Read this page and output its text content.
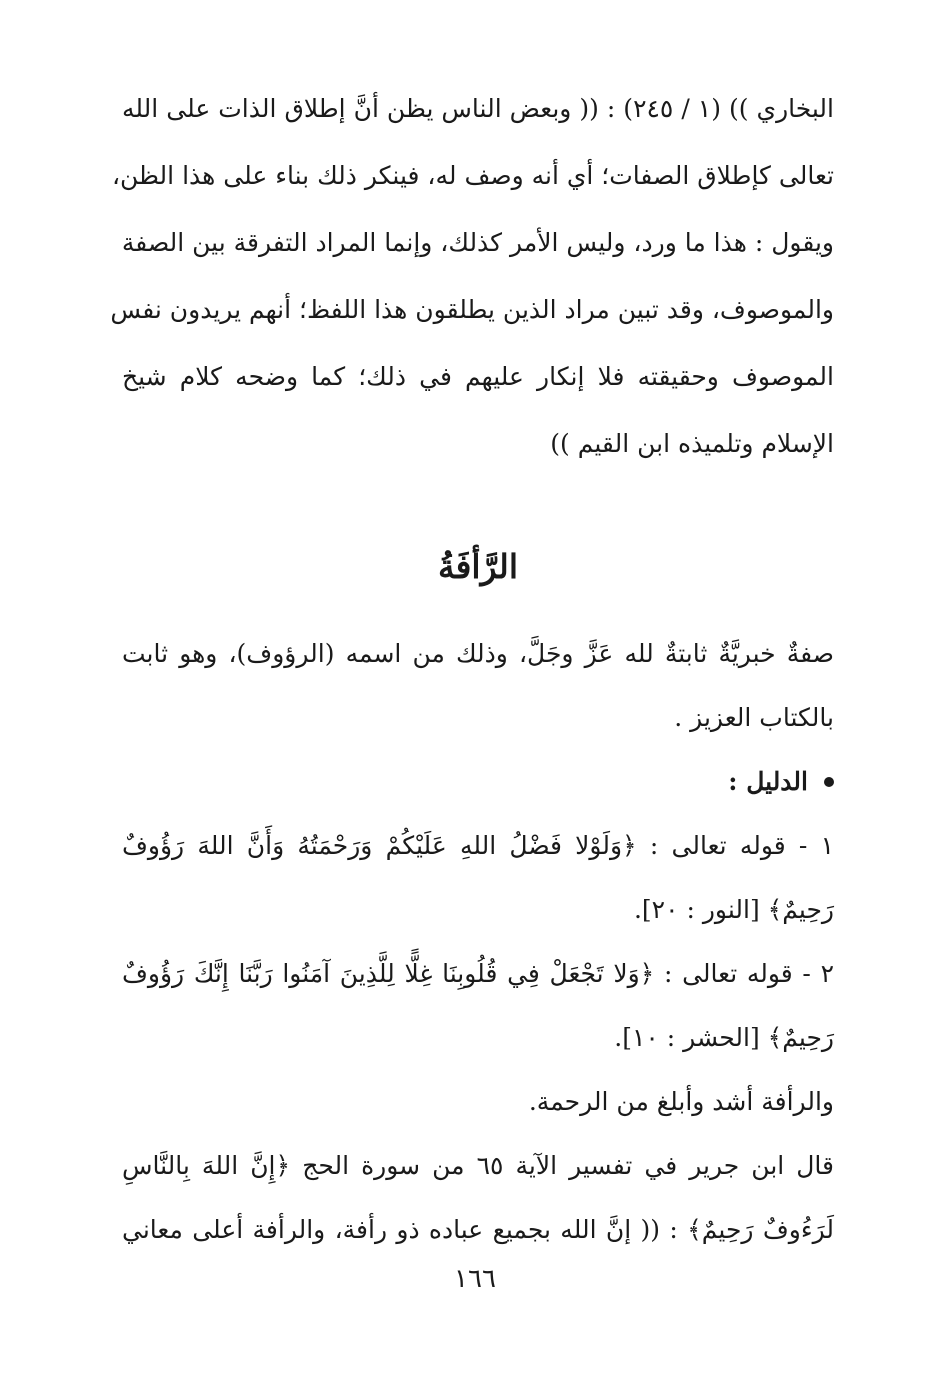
البخاري )) (١ / ٢٤٥) : (( وبعض الناس يظن أنَّ إطلاق الذات على الله

تعالى كإطلاق الصفات؛ أي أنه وصف له، فينكر ذلك بناء على هذا الظن،

ويقول : هذا ما ورد، وليس الأمر كذلك، وإنما المراد التفرقة بين الصفة

والموصوف، وقد تبين مراد الذين يطلقون هذا اللفظ؛ أنهم يريدون نفس

الموصوف وحقيقته فلا إنكار عليهم في ذلك؛ كما وضحه كلام شيخ

الإسلام وتلميذه ابن القيم ))

الرَّأفَةُ

صفةٌ خبريَّةٌ ثابتةٌ لله عَزَّ وجَلَّ، وذلك من اسمه (الرؤوف)، وهو ثابت

بالكتاب العزيز .

الدليل :

١ - قوله تعالى : ﴿وَلَوْلا فَضْلُ اللهِ عَلَيْكُمْ وَرَحْمَتُهُ وَأَنَّ اللهَ رَؤُوفٌ

رَحِيمٌ﴾ [النور : ٢٠].

٢ - قوله تعالى : ﴿وَلا تَجْعَلْ فِي قُلُوبِنَا غِلًّا لِلَّذِينَ آمَنُوا رَبَّنَا إِنَّكَ رَؤُوفٌ

رَحِيمٌ﴾ [الحشر : ١٠].

والرأفة أشد وأبلغ من الرحمة.

قال ابن جرير في تفسير الآية ٦٥ من سورة الحج ﴿إِنَّ اللهَ بِالنَّاسِ

لَرَءُوفٌ رَحِيمٌ﴾ : (( إنَّ الله بجميع عباده ذو رأفة، والرأفة أعلى معاني

١٦٦
